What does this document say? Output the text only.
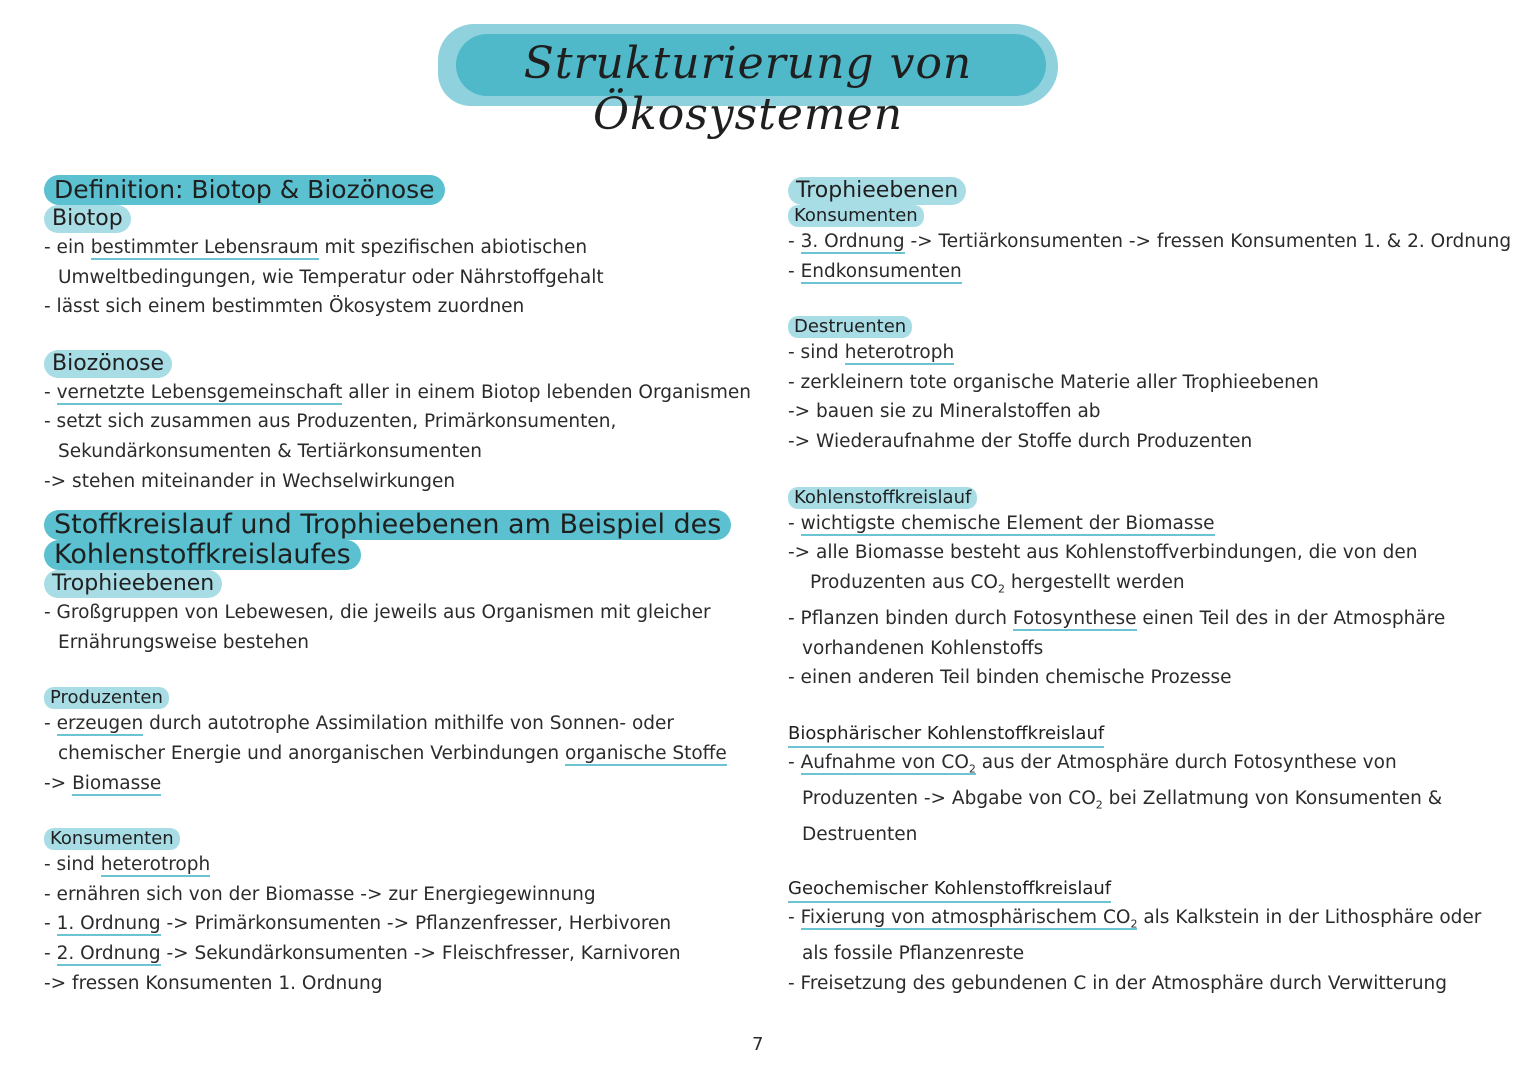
Strukturierung von Ökosystemen
Definition: Biotop & Biozönose
Biotop
- ein bestimmter Lebensraum mit spezifischen abiotischen
Umweltbedingungen, wie Temperatur oder Nährstoffgehalt
- lässt sich einem bestimmten Ökosystem zuordnen
Biozönose
- vernetzte Lebensgemeinschaft aller in einem Biotop lebenden Organismen
- setzt sich zusammen aus Produzenten, Primärkonsumenten,
Sekundärkonsumenten & Tertiärkonsumenten
-> stehen miteinander in Wechselwirkungen
Stoffkreislauf und Trophieebenen am Beispiel des
Kohlenstoffkreislaufes
Trophieebenen
- Großgruppen von Lebewesen, die jeweils aus Organismen mit gleicher
Ernährungsweise bestehen
Produzenten
- erzeugen durch autotrophe Assimilation mithilfe von Sonnen- oder
chemischer Energie und anorganischen Verbindungen organische Stoffe
-> Biomasse
Konsumenten
- sind heterotroph
- ernähren sich von der Biomasse -> zur Energiegewinnung
- 1. Ordnung -> Primärkonsumenten -> Pflanzenfresser, Herbivoren
- 2. Ordnung -> Sekundärkonsumenten -> Fleischfresser, Karnivoren
-> fressen Konsumenten 1. Ordnung
Trophieebenen
Konsumenten
- 3. Ordnung -> Tertiärkonsumenten -> fressen Konsumenten 1. & 2. Ordnung
- Endkonsumenten
Destruenten
- sind heterotroph
- zerkleinern tote organische Materie aller Trophieebenen
-> bauen sie zu Mineralstoffen ab
-> Wiederaufnahme der Stoffe durch Produzenten
Kohlenstoffkreislauf
- wichtigste chemische Element der Biomasse
-> alle Biomasse besteht aus Kohlenstoffverbindungen, die von den
Produzenten aus $CO_2$ hergestellt werden
- Pflanzen binden durch Fotosynthese einen Teil des in der Atmosphäre
vorhandenen Kohlenstoffs
- einen anderen Teil binden chemische Prozesse
Biosphärischer Kohlenstoffkreislauf
- Aufnahme von $CO_2$ aus der Atmosphäre durch Fotosynthese von
Produzenten -> Abgabe von $CO_2$ bei Zellatmung von Konsumenten &
Destruenten
Geochemischer Kohlenstoffkreislauf
- Fixierung von atmosphärischem $CO_2$ als Kalkstein in der Lithosphäre oder
als fossile Pflanzenreste
- Freisetzung des gebundenen C in der Atmosphäre durch Verwitterung
7
